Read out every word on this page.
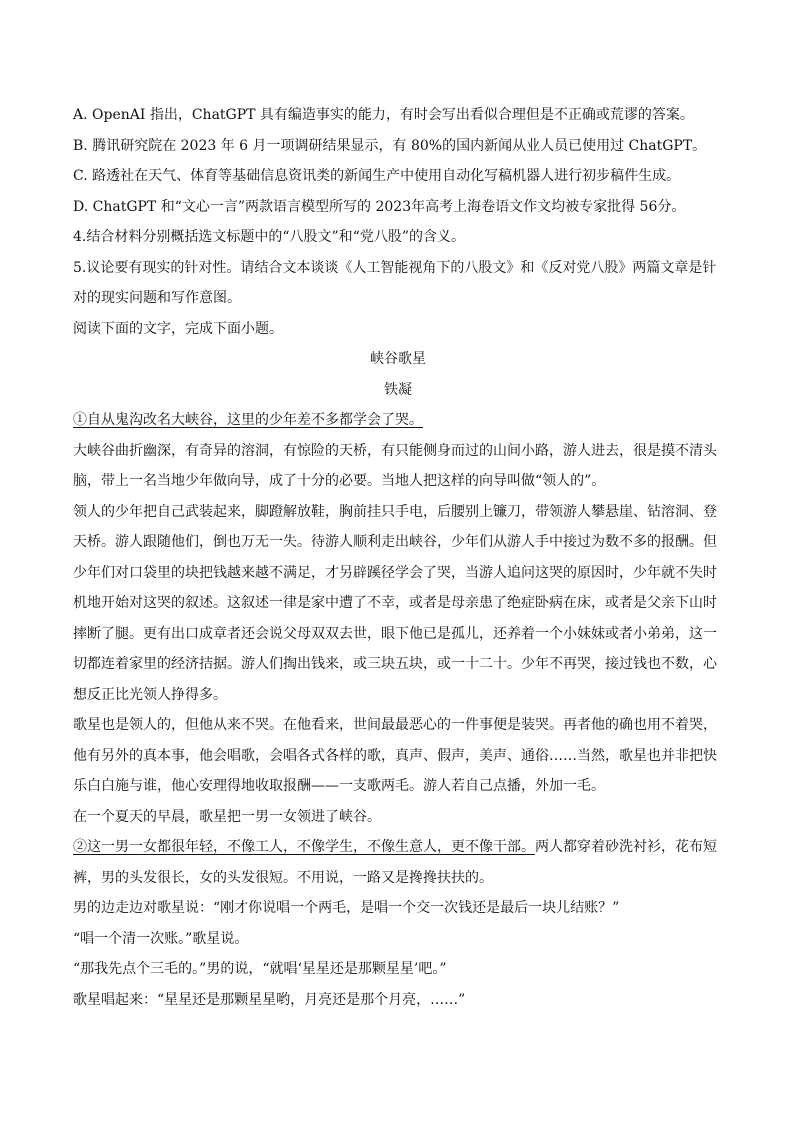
A. OpenAI 指出，ChatGPT 具有编造事实的能力，有时会写出看似合理但是不正确或荒谬的答案。
B. 腾讯研究院在 2023 年 6 月一项调研结果显示，有 80%的国内新闻从业人员已使用过 ChatGPT。
C. 路透社在天气、体育等基础信息资讯类的新闻生产中使用自动化写稿机器人进行初步稿件生成。
D. ChatGPT 和“文心一言”两款语言模型所写的 2023年高考上海卷语文作文均被专家批得 56分。
4.结合材料分别概括选文标题中的“八股文”和“党八股”的含义。
5.议论要有现实的针对性。请结合文本谈谈《人工智能视角下的八股文》和《反对党八股》两篇文章是针
对的现实问题和写作意图。
阅读下面的文字，完成下面小题。
峡谷歌星
铁凝
①自从鬼沟改名大峡谷，这里的少年差不多都学会了哭。
大峡谷曲折幽深，有奇异的溶洞，有惊险的天桥，有只能侧身而过的山间小路，游人进去，很是摸不清头
脑，带上一名当地少年做向导，成了十分的必要。当地人把这样的向导叫做“领人的”。
领人的少年把自己武装起来，脚蹬解放鞋，胸前挂只手电，后腰别上镰刀，带领游人攀悬崖、钻溶洞、登
天桥。游人跟随他们，倒也万无一失。待游人顺利走出峡谷，少年们从游人手中接过为数不多的报酬。但
少年们对口袋里的块把钱越来越不满足，才另辟蹊径学会了哭，当游人追问这哭的原因时，少年就不失时
机地开始对这哭的叙述。这叙述一律是家中遭了不幸，或者是母亲患了绝症卧病在床，或者是父亲下山时
摔断了腿。更有出口成章者还会说父母双双去世，眼下他已是孤儿，还养着一个小妹妹或者小弟弟，这一
切都连着家里的经济拮据。游人们掏出钱来，或三块五块，或一十二十。少年不再哭，接过钱也不数，心
想反正比光领人挣得多。
歌星也是领人的，但他从来不哭。在他看来，世间最最恶心的一件事便是装哭。再者他的确也用不着哭，
他有另外的真本事，他会唱歌，会唱各式各样的歌，真声、假声，美声、通俗……当然，歌星也并非把快
乐白白施与谁，他心安理得地收取报酬——一支歌两毛。游人若自己点播，外加一毛。
在一个夏天的早晨，歌星把一男一女领进了峡谷。
②这一男一女都很年轻，不像工人，不像学生，不像生意人，更不像干部。两人都穿着砂洗衬衫，花布短
裤，男的头发很长，女的头发很短。不用说，一路又是搀搀扶扶的。
男的边走边对歌星说：“刚才你说唱一个两毛，是唱一个交一次钱还是最后一块儿结账？”
“唱一个清一次账。”歌星说。
“那我先点个三毛的。”男的说，“就唱‘星星还是那颗星星’吧。”
歌星唱起来：“星星还是那颗星星哟，月亮还是那个月亮，……”
